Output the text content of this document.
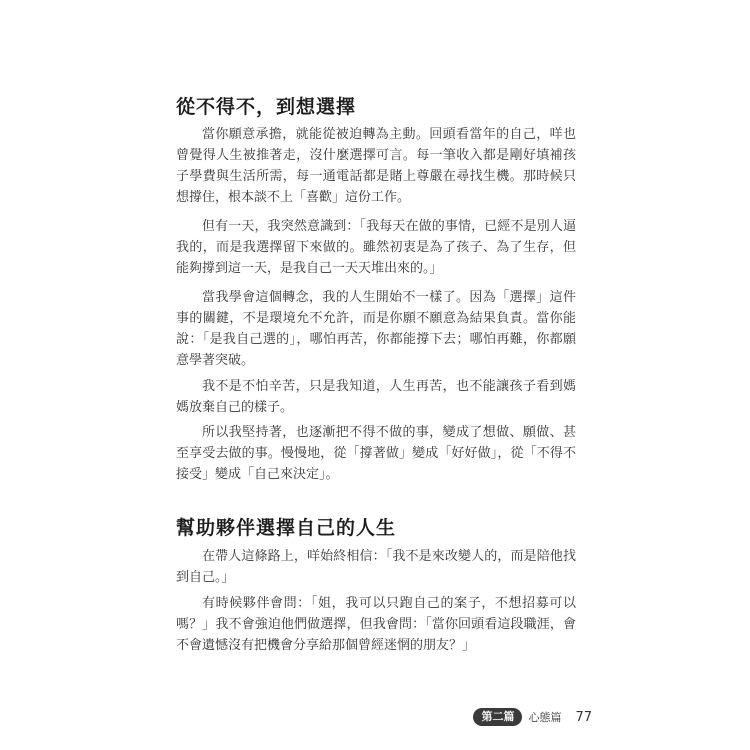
從不得不，到想選擇

當你願意承擔，就能從被迫轉為主動。回頭看當年的自己，咩也曾覺得人生被推著走，沒什麼選擇可言。每一筆收入都是剛好填補孩子學費與生活所需，每一通電話都是賭上尊嚴在尋找生機。那時候只想撐住，根本談不上「喜歡」這份工作。

但有一天，我突然意識到：「我每天在做的事情，已經不是別人逼我的，而是我選擇留下來做的。雖然初衷是為了孩子、為了生存，但能夠撐到這一天，是我自己一天天堆出來的。」

當我學會這個轉念，我的人生開始不一樣了。因為「選擇」這件事的關鍵，不是環境允不允許，而是你願不願意為結果負責。當你能說：「是我自己選的」，哪怕再苦，你都能撐下去；哪怕再難，你都願意學著突破。

我不是不怕辛苦，只是我知道，人生再苦，也不能讓孩子看到媽媽放棄自己的樣子。

所以我堅持著，也逐漸把不得不做的事，變成了想做、願做、甚至享受去做的事。慢慢地，從「撐著做」變成「好好做」，從「不得不接受」變成「自己來決定」。

幫助夥伴選擇自己的人生

在帶人這條路上，咩始終相信：「我不是來改變人的，而是陪他找到自己。」

有時候夥伴會問：「姐，我可以只跑自己的案子，不想招募可以嗎？」我不會強迫他們做選擇，但我會問：「當你回頭看這段職涯，會不會遺憾沒有把機會分享給那個曾經迷惘的朋友？」

第二篇	心態篇 77
